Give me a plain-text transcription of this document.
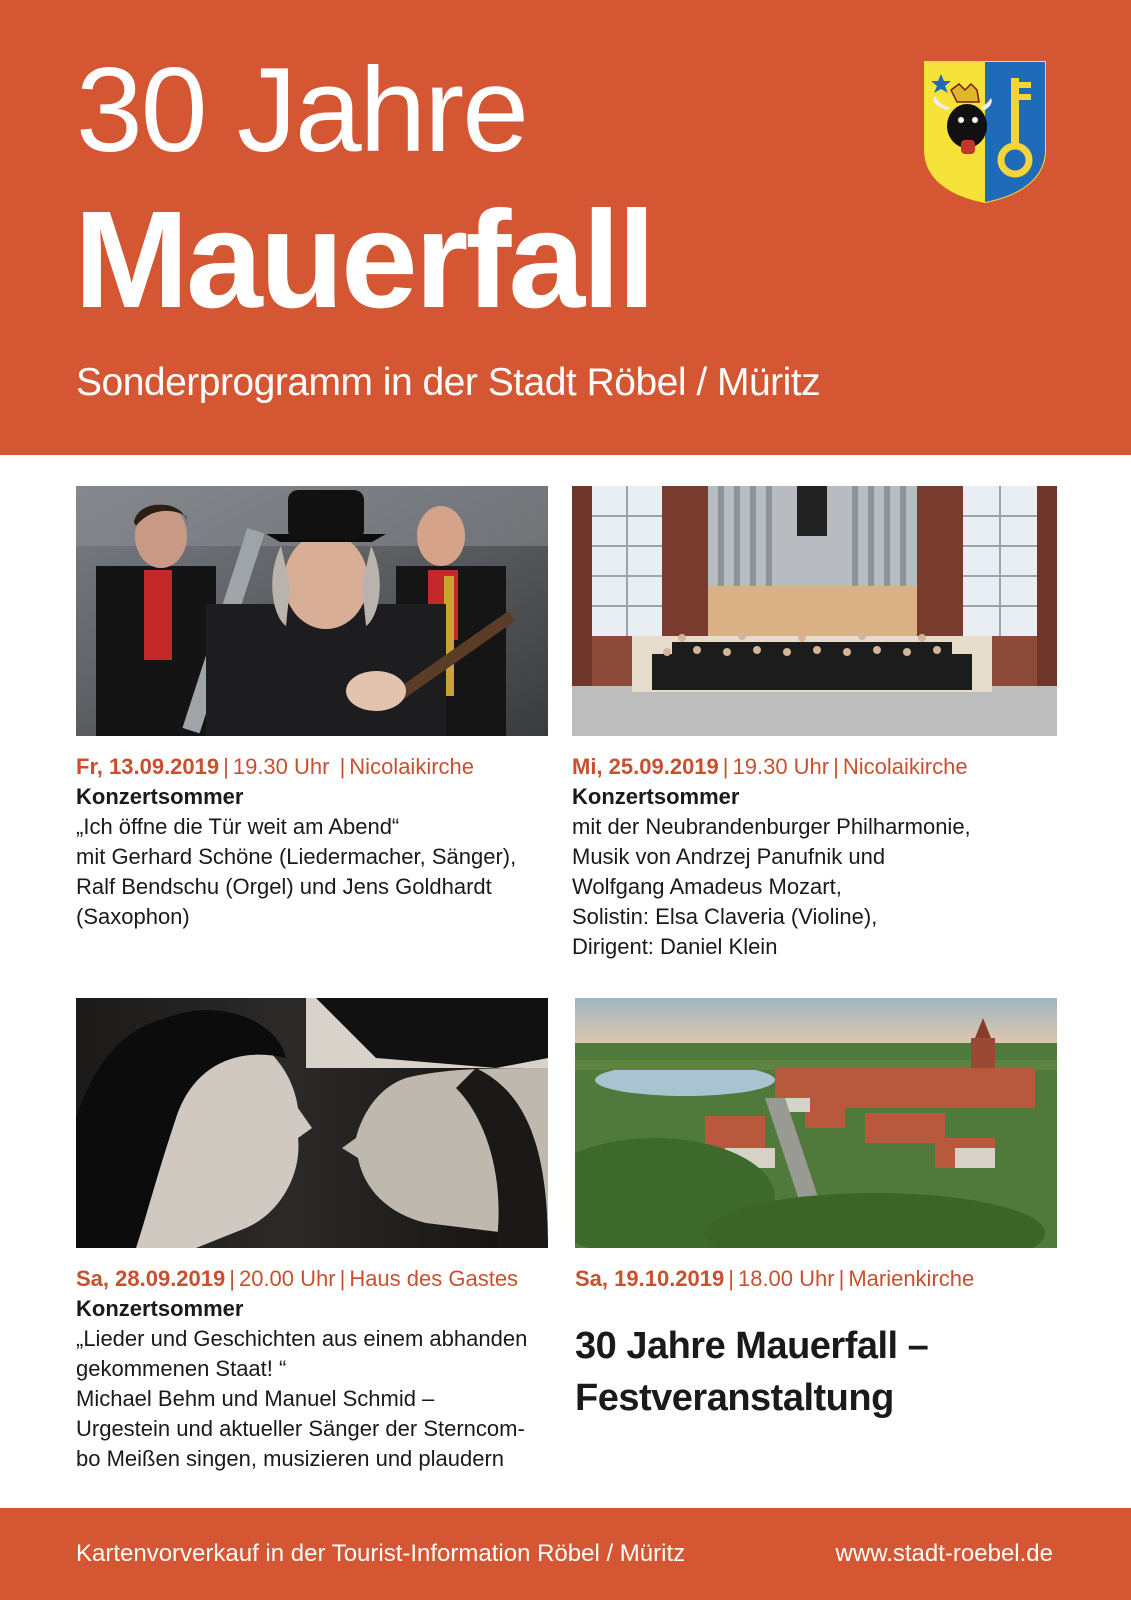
30 Jahre
Mauerfall
Sonderprogramm in der Stadt Röbel / Müritz
Fr, 13.09.2019 | 19.30 Uhr | Nicolaikirche
Konzertsommer
„Ich öffne die Tür weit am Abend“
mit Gerhard Schöne (Liedermacher, Sänger),
Ralf Bendschu (Orgel) und Jens Goldhardt
(Saxophon)
Mi, 25.09.2019 | 19.30 Uhr | Nicolaikirche
Konzertsommer
mit der Neubrandenburger Philharmonie,
Musik von Andrzej Panufnik und
Wolfgang Amadeus Mozart,
Solistin: Elsa Claveria (Violine),
Dirigent: Daniel Klein
Sa, 28.09.2019 | 20.00 Uhr | Haus des Gastes
Konzertsommer
„Lieder und Geschichten aus einem abhanden
gekommenen Staat! “
Michael Behm und Manuel Schmid –
Urgestein und aktueller Sänger der Sterncom-
bo Meißen singen, musizieren und plaudern
Sa, 19.10.2019 | 18.00 Uhr | Marienkirche
30 Jahre Mauerfall –
Festveranstaltung
Kartenvorverkauf in der Tourist-Information Röbel / Müritz	www.stadt-roebel.de
